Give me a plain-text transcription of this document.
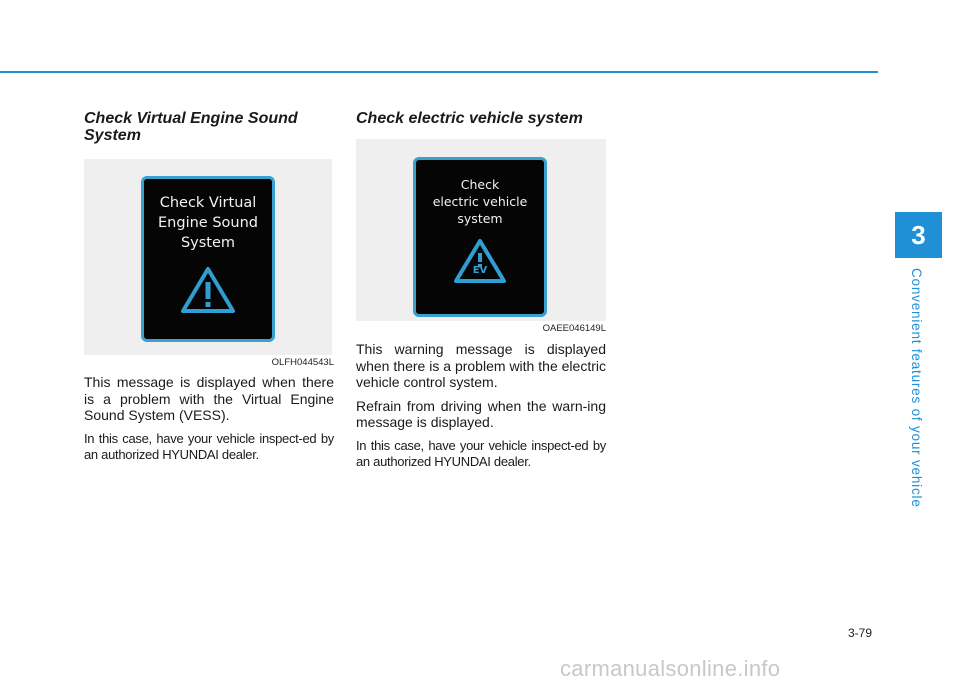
Check Virtual Engine Sound System
Check Virtual
Engine Sound
System
OLFH044543L

This message is displayed when there is a problem with the Virtual Engine Sound System (VESS).

In this case, have your vehicle inspect-ed by an authorized HYUNDAI dealer.

Check electric vehicle system
Check
electric vehicle
system
EV
OAEE046149L

This warning message is displayed when there is a problem with the electric vehicle control system.

Refrain from driving when the warn-ing message is displayed.

In this case, have your vehicle inspect-ed by an authorized HYUNDAI dealer.

3
Convenient features of your vehicle
3-79
carmanualsonline.info
